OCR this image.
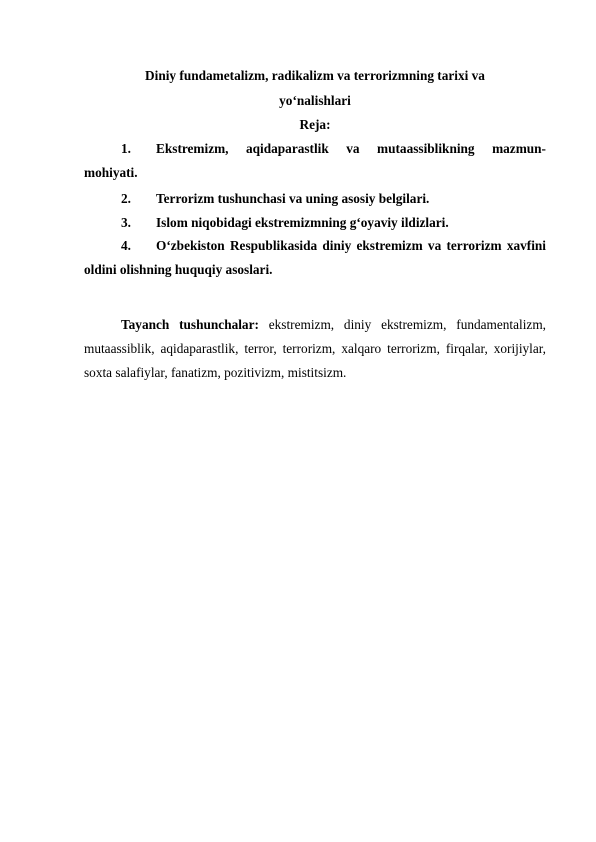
Diniy fundametalizm, radikalizm va terrorizmning tarixi va
yo‘nalishlari
Reja:
1.	Ekstremizm, aqidaparastlik va mutaassiblikning mazmun-
mohiyati.
2.	Terrorizm tushunchasi va uning asosiy belgilari.
3.	Islom niqobidagi ekstremizmning g‘oyaviy ildizlari.
4.	O‘zbekiston Respublikasida diniy ekstremizm va terrorizm xavfini
oldini olishning huquqiy asoslari.
Tayanch tushunchalar: ekstremizm, diniy ekstremizm, fundamentalizm,
mutaassiblik, aqidaparastlik, terror, terrorizm, xalqaro terrorizm, firqalar, xorijiylar,
soxta salafiylar, fanatizm, pozitivizm, mistitsizm.
